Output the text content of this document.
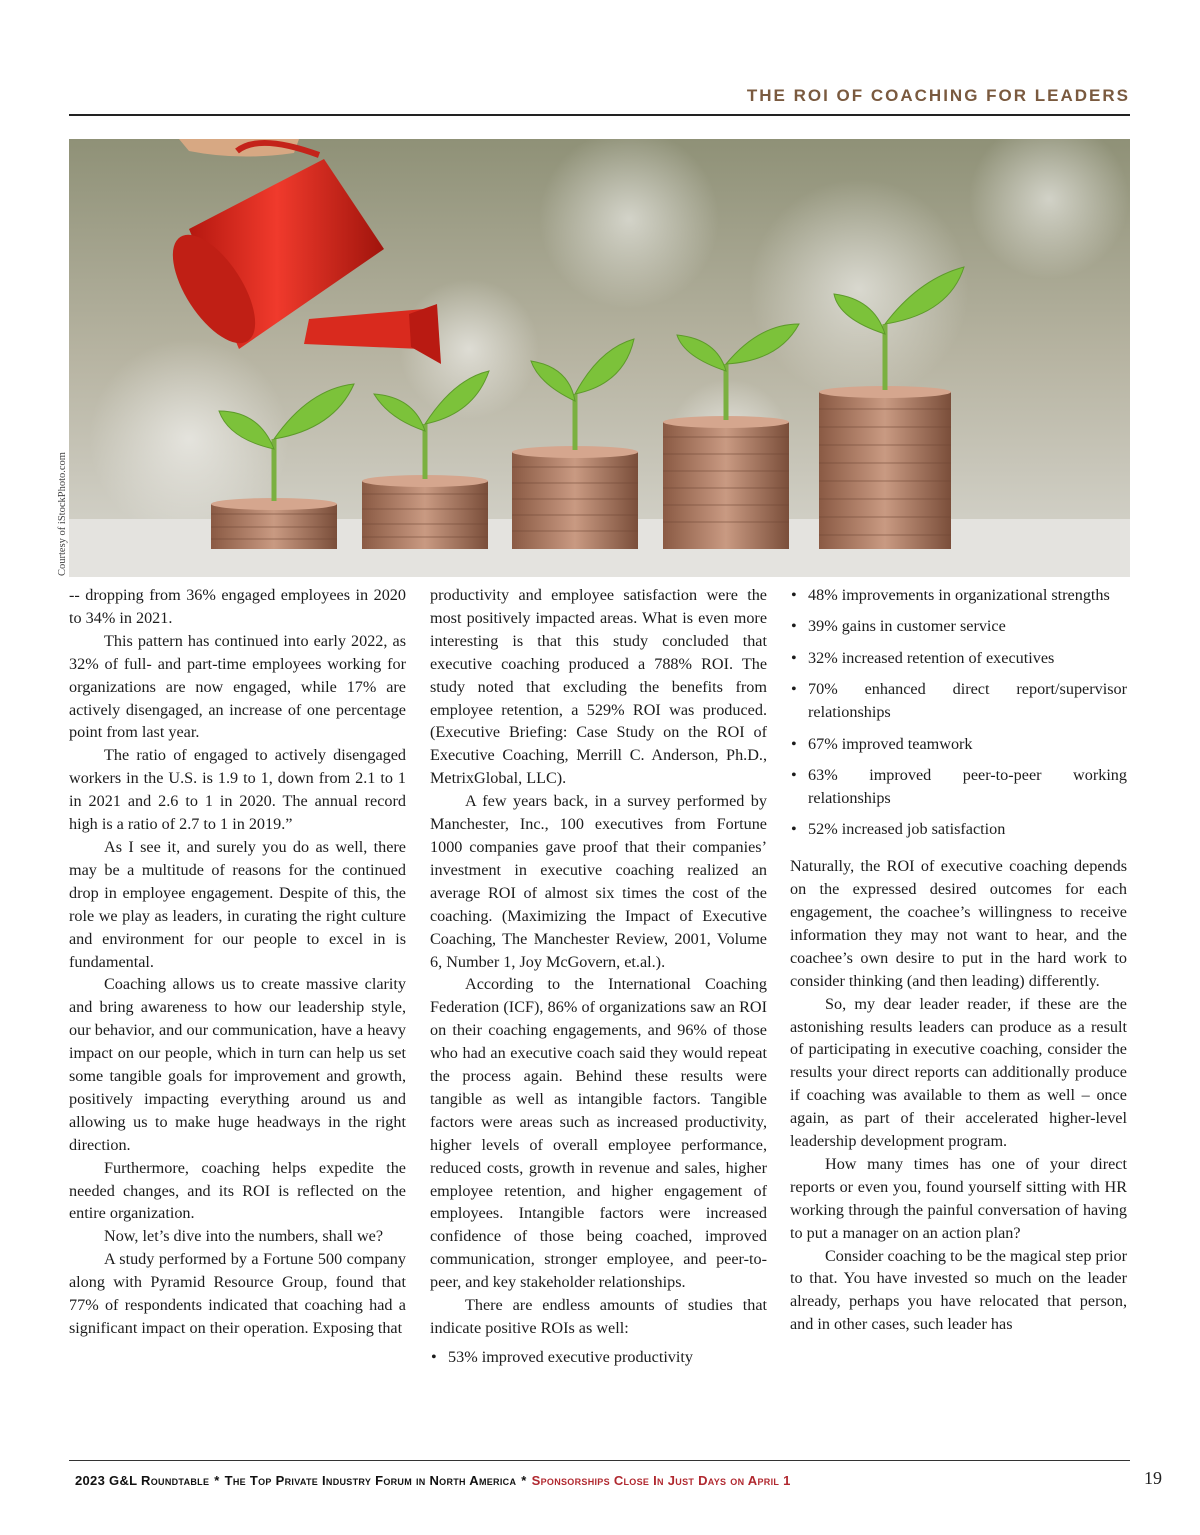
THE ROI OF COACHING FOR LEADERS
Courtesy of iStockPhoto.com

-- dropping from 36% engaged employees in 2020 to 34% in 2021.

This pattern has continued into early 2022, as 32% of full- and part-time employees working for organizations are now engaged, while 17% are actively disengaged, an increase of one percentage point from last year.

The ratio of engaged to actively disengaged workers in the U.S. is 1.9 to 1, down from 2.1 to 1 in 2021 and 2.6 to 1 in 2020. The annual record high is a ratio of 2.7 to 1 in 2019.”

As I see it, and surely you do as well, there may be a multitude of reasons for the continued drop in employee engagement. Despite of this, the role we play as leaders, in curating the right culture and environment for our people to excel in is fundamental.

Coaching allows us to create massive clarity and bring awareness to how our leadership style, our behavior, and our communication, have a heavy impact on our people, which in turn can help us set some tangible goals for improvement and growth, positively impacting everything around us and allowing us to make huge headways in the right direction.

Furthermore, coaching helps expedite the needed changes, and its ROI is reflected on the entire organization.

Now, let’s dive into the numbers, shall we?

A study performed by a Fortune 500 company along with Pyramid Resource Group, found that 77% of respondents indicated that coaching had a significant impact on their operation. Exposing that

productivity and employee satisfaction were the most positively impacted areas. What is even more interesting is that this study concluded that executive coaching produced a 788% ROI. The study noted that excluding the benefits from employee retention, a 529% ROI was produced. (Executive Briefing: Case Study on the ROI of Executive Coaching, Merrill C. Anderson, Ph.D., MetrixGlobal, LLC).

A few years back, in a survey performed by Manchester, Inc., 100 executives from Fortune 1000 companies gave proof that their companies’ investment in executive coaching realized an average ROI of almost six times the cost of the coaching. (Maximizing the Impact of Executive Coaching, The Manchester Review, 2001, Volume 6, Number 1, Joy McGovern, et.al.).

According to the International Coaching Federation (ICF), 86% of organizations saw an ROI on their coaching engagements, and 96% of those who had an executive coach said they would repeat the process again. Behind these results were tangible as well as intangible factors. Tangible factors were areas such as increased productivity, higher levels of overall employee performance, reduced costs, growth in revenue and sales, higher employee retention, and higher engagement of employees. Intangible factors were increased confidence of those being coached, improved communication, stronger employee, and peer-to-peer, and key stakeholder relationships.

There are endless amounts of studies that indicate positive ROIs as well:

• 53% improved executive productivity
• 48% improvements in organizational strengths
• 39% gains in customer service
• 32% increased retention of executives
• 70% enhanced direct report/supervisor relationships
• 67% improved teamwork
• 63% improved peer-to-peer working relationships
• 52% increased job satisfaction

Naturally, the ROI of executive coaching depends on the expressed desired outcomes for each engagement, the coachee’s willingness to receive information they may not want to hear, and the coachee’s own desire to put in the hard work to consider thinking (and then leading) differently.

So, my dear leader reader, if these are the astonishing results leaders can produce as a result of participating in executive coaching, consider the results your direct reports can additionally produce if coaching was available to them as well – once again, as part of their accelerated higher-level leadership development program.

How many times has one of your direct reports or even you, found yourself sitting with HR working through the painful conversation of having to put a manager on an action plan?

Consider coaching to be the magical step prior to that. You have invested so much on the leader already, perhaps you have relocated that person, and in other cases, such leader has

2023 G&L Roundtable * The Top Private Industry Forum in North America * Sponsorships Close In Just Days on April 1	19
